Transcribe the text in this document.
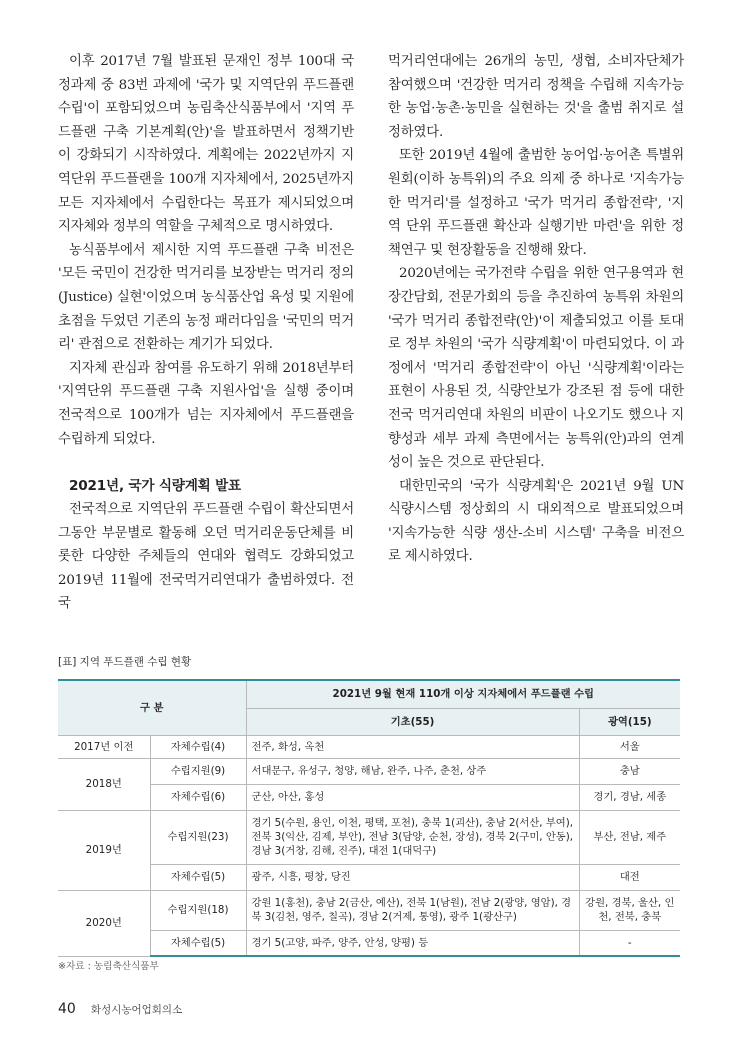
이후 2017년 7월 발표된 문재인 정부 100대 국정과제 중 83번 과제에 '국가 및 지역단위 푸드플랜 수립'이 포함되었으며 농림축산식품부에서 '지역 푸드플랜 구축 기본계획(안)'을 발표하면서 정책기반이 강화되기 시작하였다. 계획에는 2022년까지 지역단위 푸드플랜을 100개 지자체에서, 2025년까지 모든 지자체에서 수립한다는 목표가 제시되었으며 지자체와 정부의 역할을 구체적으로 명시하였다.

농식품부에서 제시한 지역 푸드플랜 구축 비전은 '모든 국민이 건강한 먹거리를 보장받는 먹거리 정의(Justice) 실현'이었으며 농식품산업 육성 및 지원에 초점을 두었던 기존의 농정 패러다임을 '국민의 먹거리' 관점으로 전환하는 계기가 되었다.

지자체 관심과 참여를 유도하기 위해 2018년부터 '지역단위 푸드플랜 구축 지원사업'을 실행 중이며 전국적으로 100개가 넘는 지자체에서 푸드플랜을 수립하게 되었다.

2021년, 국가 식량계획 발표

전국적으로 지역단위 푸드플랜 수립이 확산되면서 그동안 부문별로 활동해 오던 먹거리운동단체를 비롯한 다양한 주체들의 연대와 협력도 강화되었고 2019년 11월에 전국먹거리연대가 출범하였다. 전국

먹거리연대에는 26개의 농민, 생협, 소비자단체가 참여했으며 '건강한 먹거리 정책을 수립해 지속가능한 농업·농촌·농민을 실현하는 것'을 출범 취지로 설정하였다.

또한 2019년 4월에 출범한 농어업·농어촌 특별위원회(이하 농특위)의 주요 의제 중 하나로 '지속가능한 먹거리'를 설정하고 '국가 먹거리 종합전략', '지역 단위 푸드플랜 확산과 실행기반 마련'을 위한 정책연구 및 현장활동을 진행해 왔다.

2020년에는 국가전략 수립을 위한 연구용역과 현장간담회, 전문가회의 등을 추진하여 농특위 차원의 '국가 먹거리 종합전략(안)'이 제출되었고 이를 토대로 정부 차원의 '국가 식량계획'이 마련되었다. 이 과정에서 '먹거리 종합전략'이 아닌 '식량계획'이라는 표현이 사용된 것, 식량안보가 강조된 점 등에 대한 전국 먹거리연대 차원의 비판이 나오기도 했으나 지향성과 세부 과제 측면에서는 농특위(안)과의 연계성이 높은 것으로 판단된다.

대한민국의 '국가 식량계획'은 2021년 9월 UN 식량시스템 정상회의 시 대외적으로 발표되었으며 '지속가능한 식량 생산-소비 시스템' 구축을 비전으로 제시하였다.

[표] 지역 푸드플랜 수립 현황
구 분		2021년 9월 현재 110개 이상 지자체에서 푸드플랜 수립	
		기초(55)	광역(15)
2017년 이전	자체수립(4)	전주, 화성, 옥천	서울
2018년	수립지원(9)	서대문구, 유성구, 청양, 해남, 완주, 나주, 춘천, 상주	충남
	자체수립(6)	군산, 아산, 홍성	경기, 경남, 세종
2019년	수립지원(23)	경기 5(수원, 용인, 이천, 평택, 포천), 충북 1(괴산), 충남 2(서산, 부여), 전북 3(익산, 김제, 부안), 전남 3(담양, 순천, 장성), 경북 2(구미, 안동), 경남 3(거창, 김해, 진주), 대전 1(대덕구)	부산, 전남, 제주
	자체수립(5)	광주, 시흥, 평창, 당진	대전
2020년	수립지원(18)	강원 1(홍천), 충남 2(금산, 예산), 전북 1(남원), 전남 2(광양, 영암), 경북 3(김천, 영주, 칠곡), 경남 2(거제, 통영), 광주 1(광산구)	강원, 경북, 울산, 인천, 전북, 충북
	자체수립(5)	경기 5(고양, 파주, 양주, 안성, 양평) 등	-
※자료 : 농림축산식품부
40 화성시농어업회의소
